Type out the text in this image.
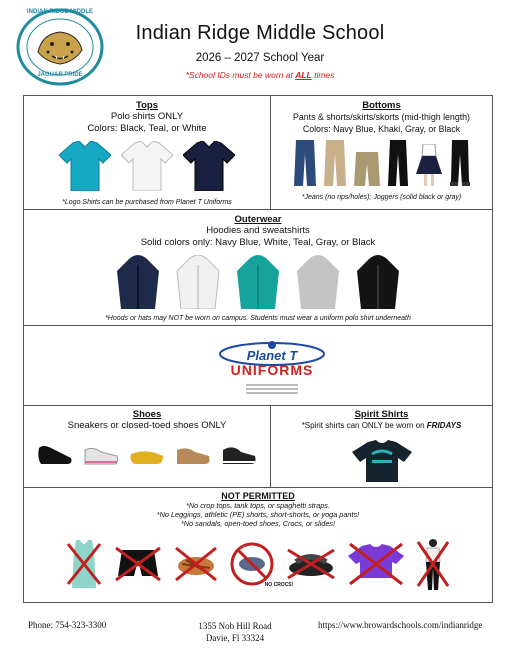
INDIAN RIDGE MIDDLE
JAGUAR PRIDE
Indian Ridge Middle School
2026 – 2027 School Year
*School IDs must be worn at ALL times
Tops
Polo shirts ONLY
Colors: Black, Teal, or White
*Logo Shirts can be purchased from Planet T Uniforms
Bottoms
Pants & shorts/skirts/skorts (mid-thigh length)
Colors: Navy Blue, Khaki, Gray, or Black
*Jeans (no rips/holes); Joggers (solid black or gray)
Outerwear
Hoodies and sweatshirts
Solid colors only: Navy Blue, White, Teal, Gray, or Black
*Hoods or hats may NOT be worn on campus. Students must wear a uniform polo shirt underneath
Planet T
UNIFORMS
Shoes
Sneakers or closed-toed shoes ONLY
Spirit Shirts
*Spirit shirts can ONLY be worn on FRIDAYS
NOT PERMITTED
*No crop tops, tank tops, or spaghetti straps.
*No Leggings, athletic (PE) shorts, short-shorts, or yoga pants!
*No sandals, open-toed shoes, Crocs, or slides!
NO CROCS!
Phone: 754-323-3300	1355 Nob Hill Road
Davie, Fl 33324
https://www.browardschools.com/indianridge
